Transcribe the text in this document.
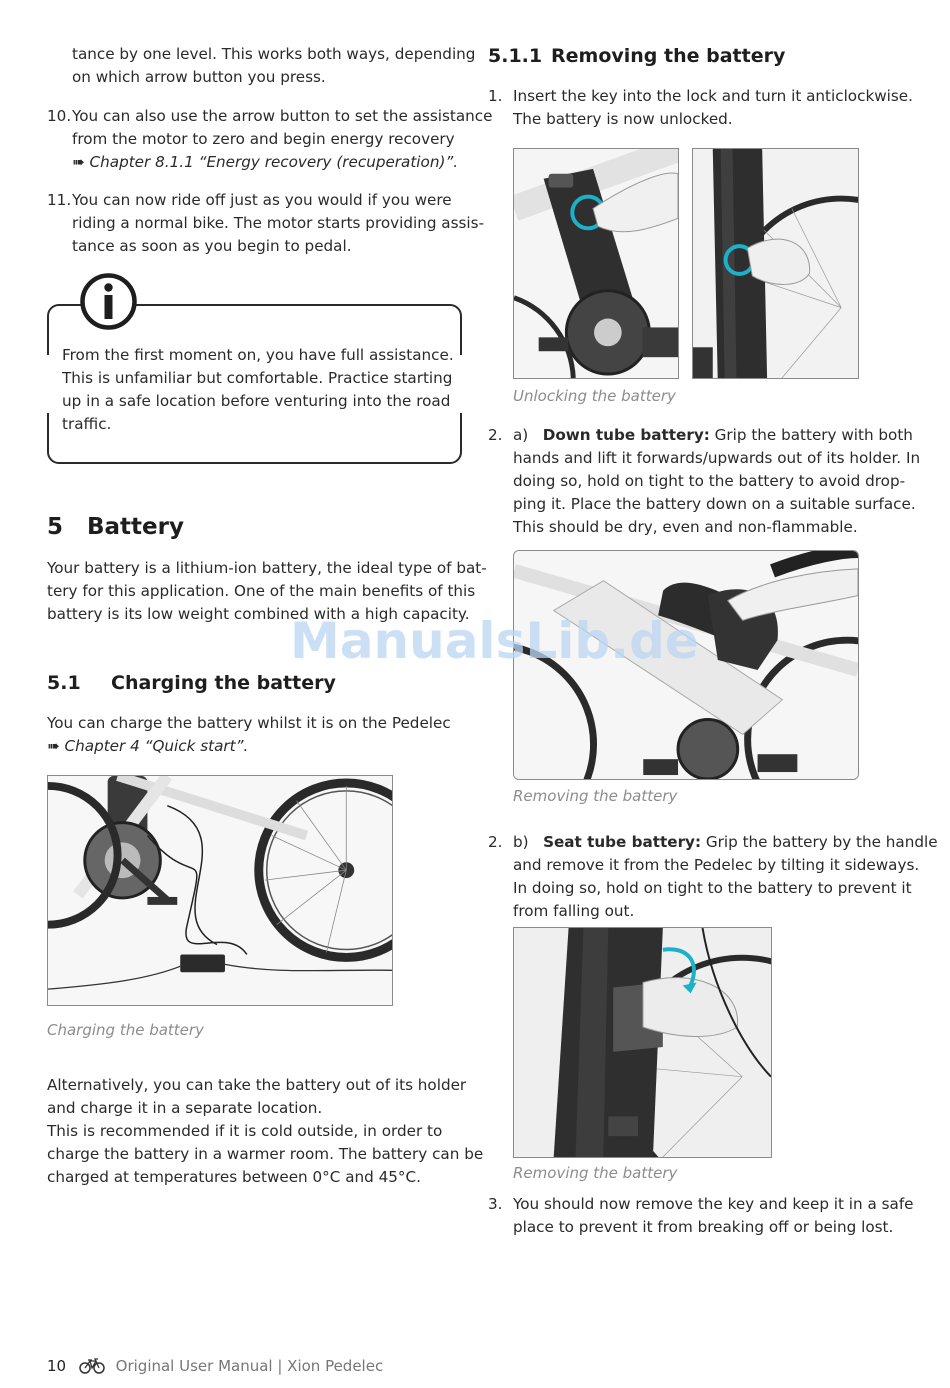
tance by one level. This works both ways, depending
on which arrow button you press.
10. You can also use the arrow button to set the assistance
from the motor to zero and begin energy recovery
➠ Chapter 8.1.1 “Energy recovery (recuperation)”.
11. You can now ride off just as you would if you were
riding a normal bike. The motor starts providing assis-
tance as soon as you begin to pedal.
From the first moment on, you have full assistance.
This is unfamiliar but comfortable. Practice starting
up in a safe location before venturing into the road
traffic.
5 Battery
Your battery is a lithium-ion battery, the ideal type of bat-
tery for this application. One of the main benefits of this
battery is its low weight combined with a high capacity.
5.1 Charging the battery
You can charge the battery whilst it is on the Pedelec
➠ Chapter 4 “Quick start”.
Charging the battery
Alternatively, you can take the battery out of its holder
and charge it in a separate location.
This is recommended if it is cold outside, in order to
charge the battery in a warmer room. The battery can be
charged at temperatures between 0°C and 45°C.
5.1.1 Removing the battery
1. Insert the key into the lock and turn it anticlockwise.
The battery is now unlocked.
Unlocking the battery
2. a) Down tube battery: Grip the battery with both
hands and lift it forwards/upwards out of its holder. In
doing so, hold on tight to the battery to avoid drop-
ping it. Place the battery down on a suitable surface.
This should be dry, even and non-flammable.
Removing the battery
2. b) Seat tube battery: Grip the battery by the handle
and remove it from the Pedelec by tilting it sideways.
In doing so, hold on tight to the battery to prevent it
from falling out.
Removing the battery
3. You should now remove the key and keep it in a safe
place to prevent it from breaking off or being lost.
ManualsLib.de
10	Original User Manual | Xion Pedelec
